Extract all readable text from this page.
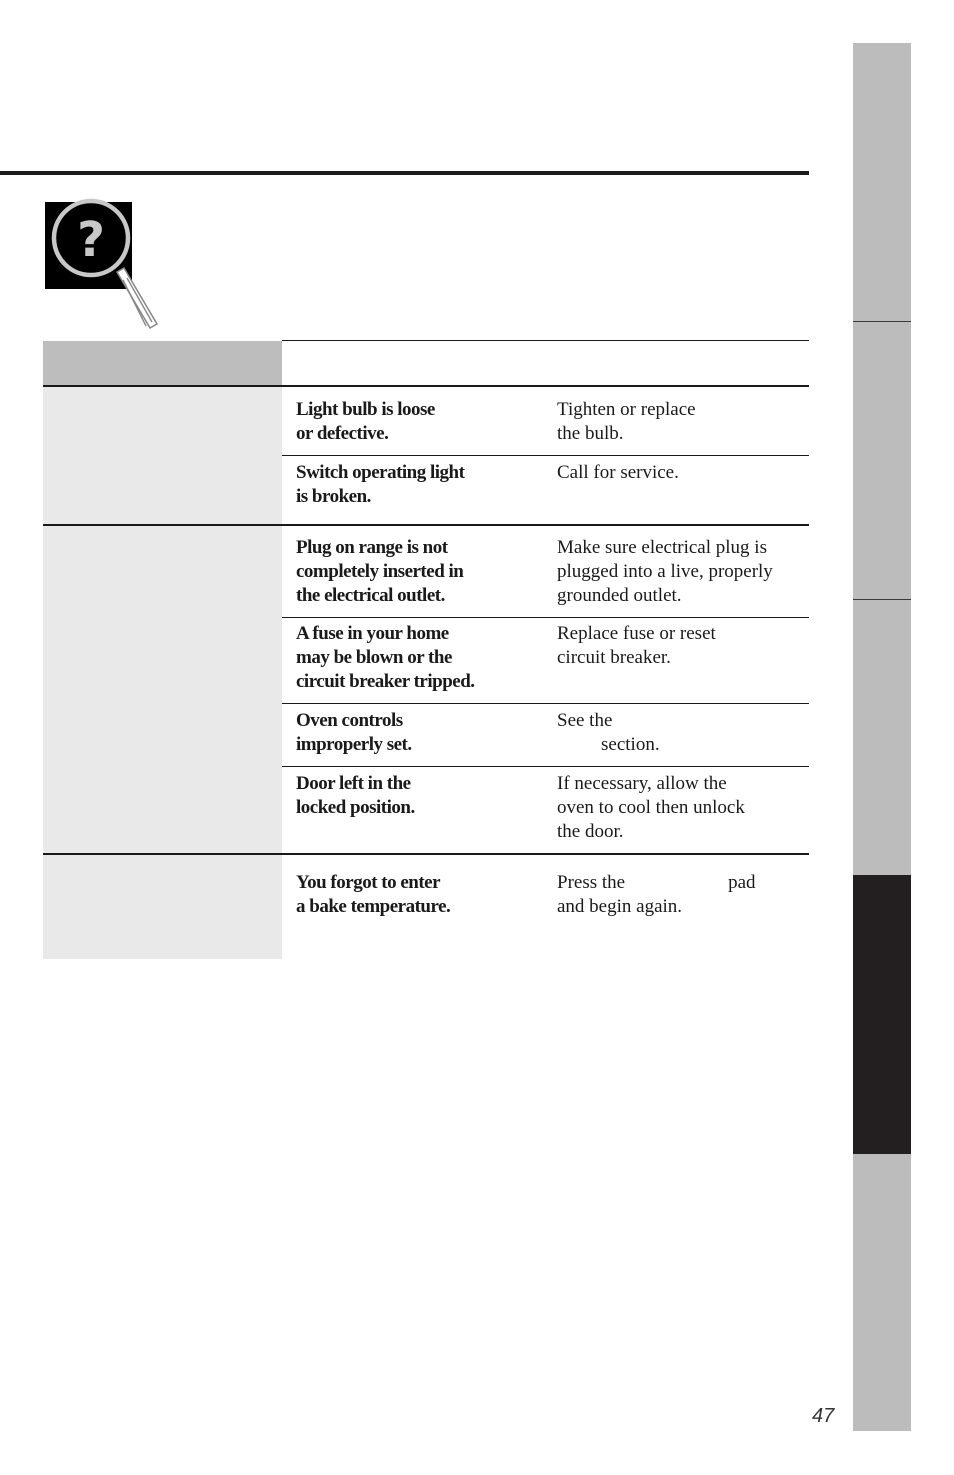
?

Light bulb is loose
or defective.

Tighten or replace
the bulb.

Switch operating light
is broken.

Call for service.

Plug on range is not
completely inserted in
the electrical outlet.

Make sure electrical plug is
plugged into a live, properly
grounded outlet.

A fuse in your home
may be blown or the
circuit breaker tripped.

Replace fuse or reset
circuit breaker.

Oven controls
improperly set.

See the
section.

Door left in the
locked position.

If necessary, allow the
oven to cool then unlock
the door.

You forgot to enter
a bake temperature.

Press the	pad
and begin again.

47
